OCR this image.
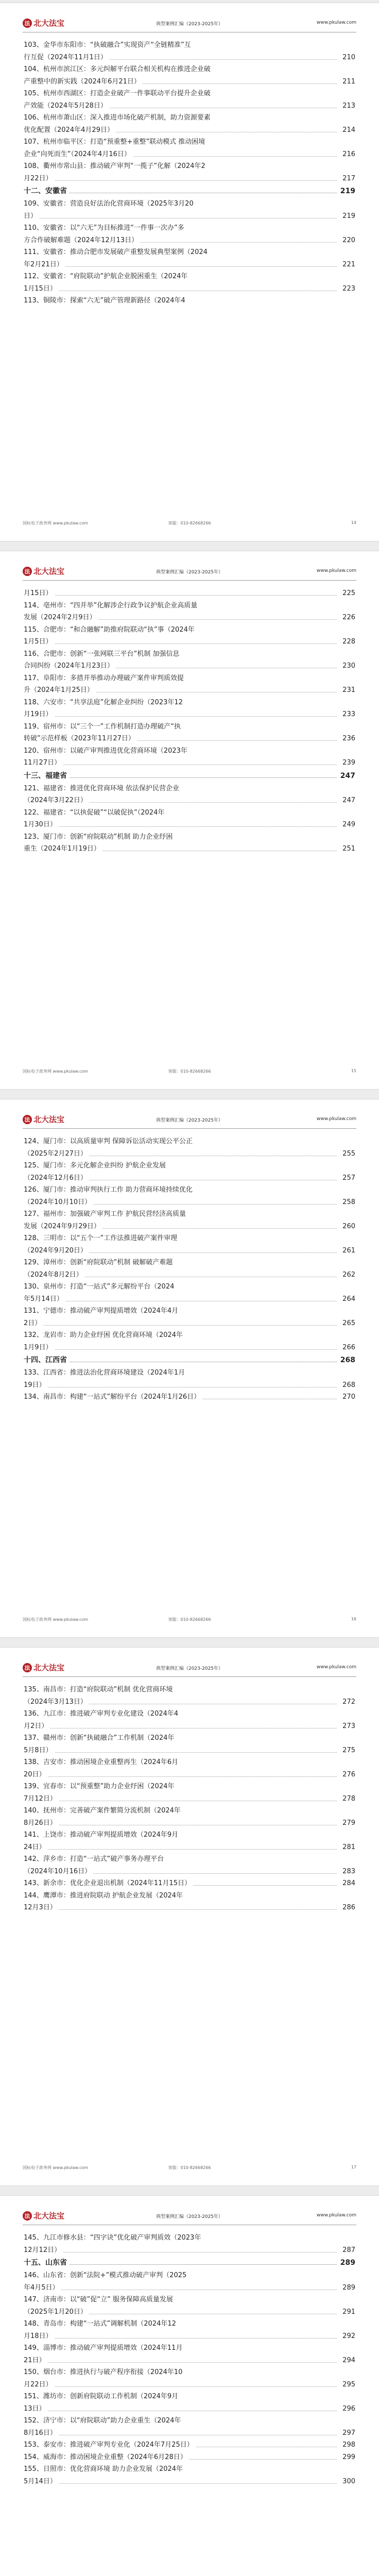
法 北大法宝	典型案例汇编（2023-2025年）	www.pkulaw.com
103、金华市东阳市：“执破融合”实现资产“全链精准”互
行互促（2024年11月1日）	210
104、杭州市滨江区：多元纠解平台联合相关机构在推进企业破
产重整中的新实践（2024年6月21日）	211
105、杭州市西湖区：打造企业破产一件事联动平台提升企业破
产效能（2024年5月28日）	213
106、杭州市萧山区：深入推进市场化破产机制，助力资源要素
优化配置（2024年4月29日）	214
107、杭州市临平区：打造“预重整+重整”联动模式 推动困境
企业“向死而生”（2024年4月16日）	216
108、衢州市常山县：推动破产审判“一揽子”化解（2024年2
月22日）	217
十二、安徽省	219
109、安徽省：营造良好法治化营商环境（2025年3月20
日）	219
110、安徽省：以“六无”为目标推进“一件事一次办”多
方合作破解难题（2024年12月13日）	220
111、安徽省：推动合肥市发展破产重整发展典型案例（2024
年2月21日）	221
112、安徽省：“府院联动”护航企业脱困重生（2024年
1月15日）	223
113、铜陵市：探索“六无”破产管理新路径（2024年4
国标电子政务网 www.pkulaw.com	客服：010-82668266	14
法 北大法宝	典型案例汇编（2023-2025年）	www.pkulaw.com
月15日）	225
114、亳州市：“四并举”化解涉企行政争议护航企业高质量
发展（2024年2月9日）	226
115、合肥市：“和合融解”助推府院联动“执”事（2024年
1月5日）	228
116、合肥市：创新“一张网联三平台”机制 加强信息
合同纠纷（2024年1月23日）	230
117、阜阳市：多措并举推动办理破产案件审判质效提
升（2024年1月25日）	231
118、六安市：“共享法庭”化解企业纠纷（2023年12
月19日）	233
119、宿州市：以“三个一”工作机制打造办理破产“执
转破”示范样板（2023年11月27日）	236
120、宿州市：以破产审判推进优化营商环境（2023年
11月27日）	239
十三、福建省	247
121、福建省：推进优化营商环境 依法保护民营企业
（2024年3月22日）	247
122、福建省：“以执促破”“以破促执”（2024年
1月30日）	249
123、厦门市：创新“府院联动”机制 助力企业纾困
重生（2024年1月19日）	251
国标电子政务网 www.pkulaw.com	客服：010-82668266	15
法 北大法宝	典型案例汇编（2023-2025年）	www.pkulaw.com
124、厦门市：以高质量审判 保障诉讼活动实现公平公正
（2025年2月27日）	255
125、厦门市：多元化解企业纠纷 护航企业发展
（2024年12月6日）	257
126、厦门市：推动审判执行工作 助力营商环境持续优化
（2024年10月10日）	258
127、福州市：加强破产审判工作 护航民营经济高质量
发展（2024年9月29日）	260
128、三明市：以“五个一”工作法推进破产案件审理
（2024年9月20日）	261
129、漳州市：创新“府院联动”机制 破解破产难题
（2024年8月2日）	262
130、泉州市：打造“一站式”多元解纷平台（2024
年5月14日）	264
131、宁德市：推动破产审判提质增效（2024年4月
2日）	265
132、龙岩市：助力企业纾困 优化营商环境（2024年
1月9日）	266
十四、江西省	268
133、江西省：推进法治化营商环境建设（2024年1月
19日）	268
134、南昌市：构建“一站式”解纷平台（2024年1月26日）	270
国标电子政务网 www.pkulaw.com	客服：010-82668266	16
法 北大法宝	典型案例汇编（2023-2025年）	www.pkulaw.com
135、南昌市：打造“府院联动”机制 优化营商环境
（2024年3月13日）	272
136、九江市：推进破产审判专业化建设（2024年4
月2日）	273
137、赣州市：创新“执破融合”工作机制（2024年
5月8日）	275
138、吉安市：推动困境企业重整再生（2024年6月
20日）	276
139、宜春市：以“预重整”助力企业纾困（2024年
7月12日）	278
140、抚州市：完善破产案件繁简分流机制（2024年
8月26日）	279
141、上饶市：推动破产审判提质增效（2024年9月
24日）	281
142、萍乡市：打造“一站式”破产事务办理平台
（2024年10月16日）	283
143、新余市：优化企业退出机制（2024年11月15日）	284
144、鹰潭市：推进府院联动 护航企业发展（2024年
12月3日）	286
国标电子政务网 www.pkulaw.com	客服：010-82668266	17
法 北大法宝	典型案例汇编（2023-2025年）	www.pkulaw.com
145、九江市修水县：“四字诀”优化破产审判质效（2023年
12月12日）	287
十五、山东省	289
146、山东省：创新“法院+”模式推动破产审判（2025
年4月5日）	289
147、济南市：以“破”促“立” 服务保障高质量发展
（2025年1月20日）	291
148、青岛市：构建“一站式”调解机制（2024年12
月18日）	292
149、淄博市：推动破产审判提质增效（2024年11月
21日）	294
150、烟台市：推进执行与破产程序衔接（2024年10
月22日）	295
151、潍坊市：创新府院联动工作机制（2024年9月
13日）	296
152、济宁市：以“府院联动”助力企业重生（2024年
8月16日）	297
153、泰安市：推进破产审判专业化（2024年7月25日）	298
154、威海市：推动困境企业重整（2024年6月28日）	299
155、日照市：优化营商环境 助力企业发展（2024年
5月14日）	300
